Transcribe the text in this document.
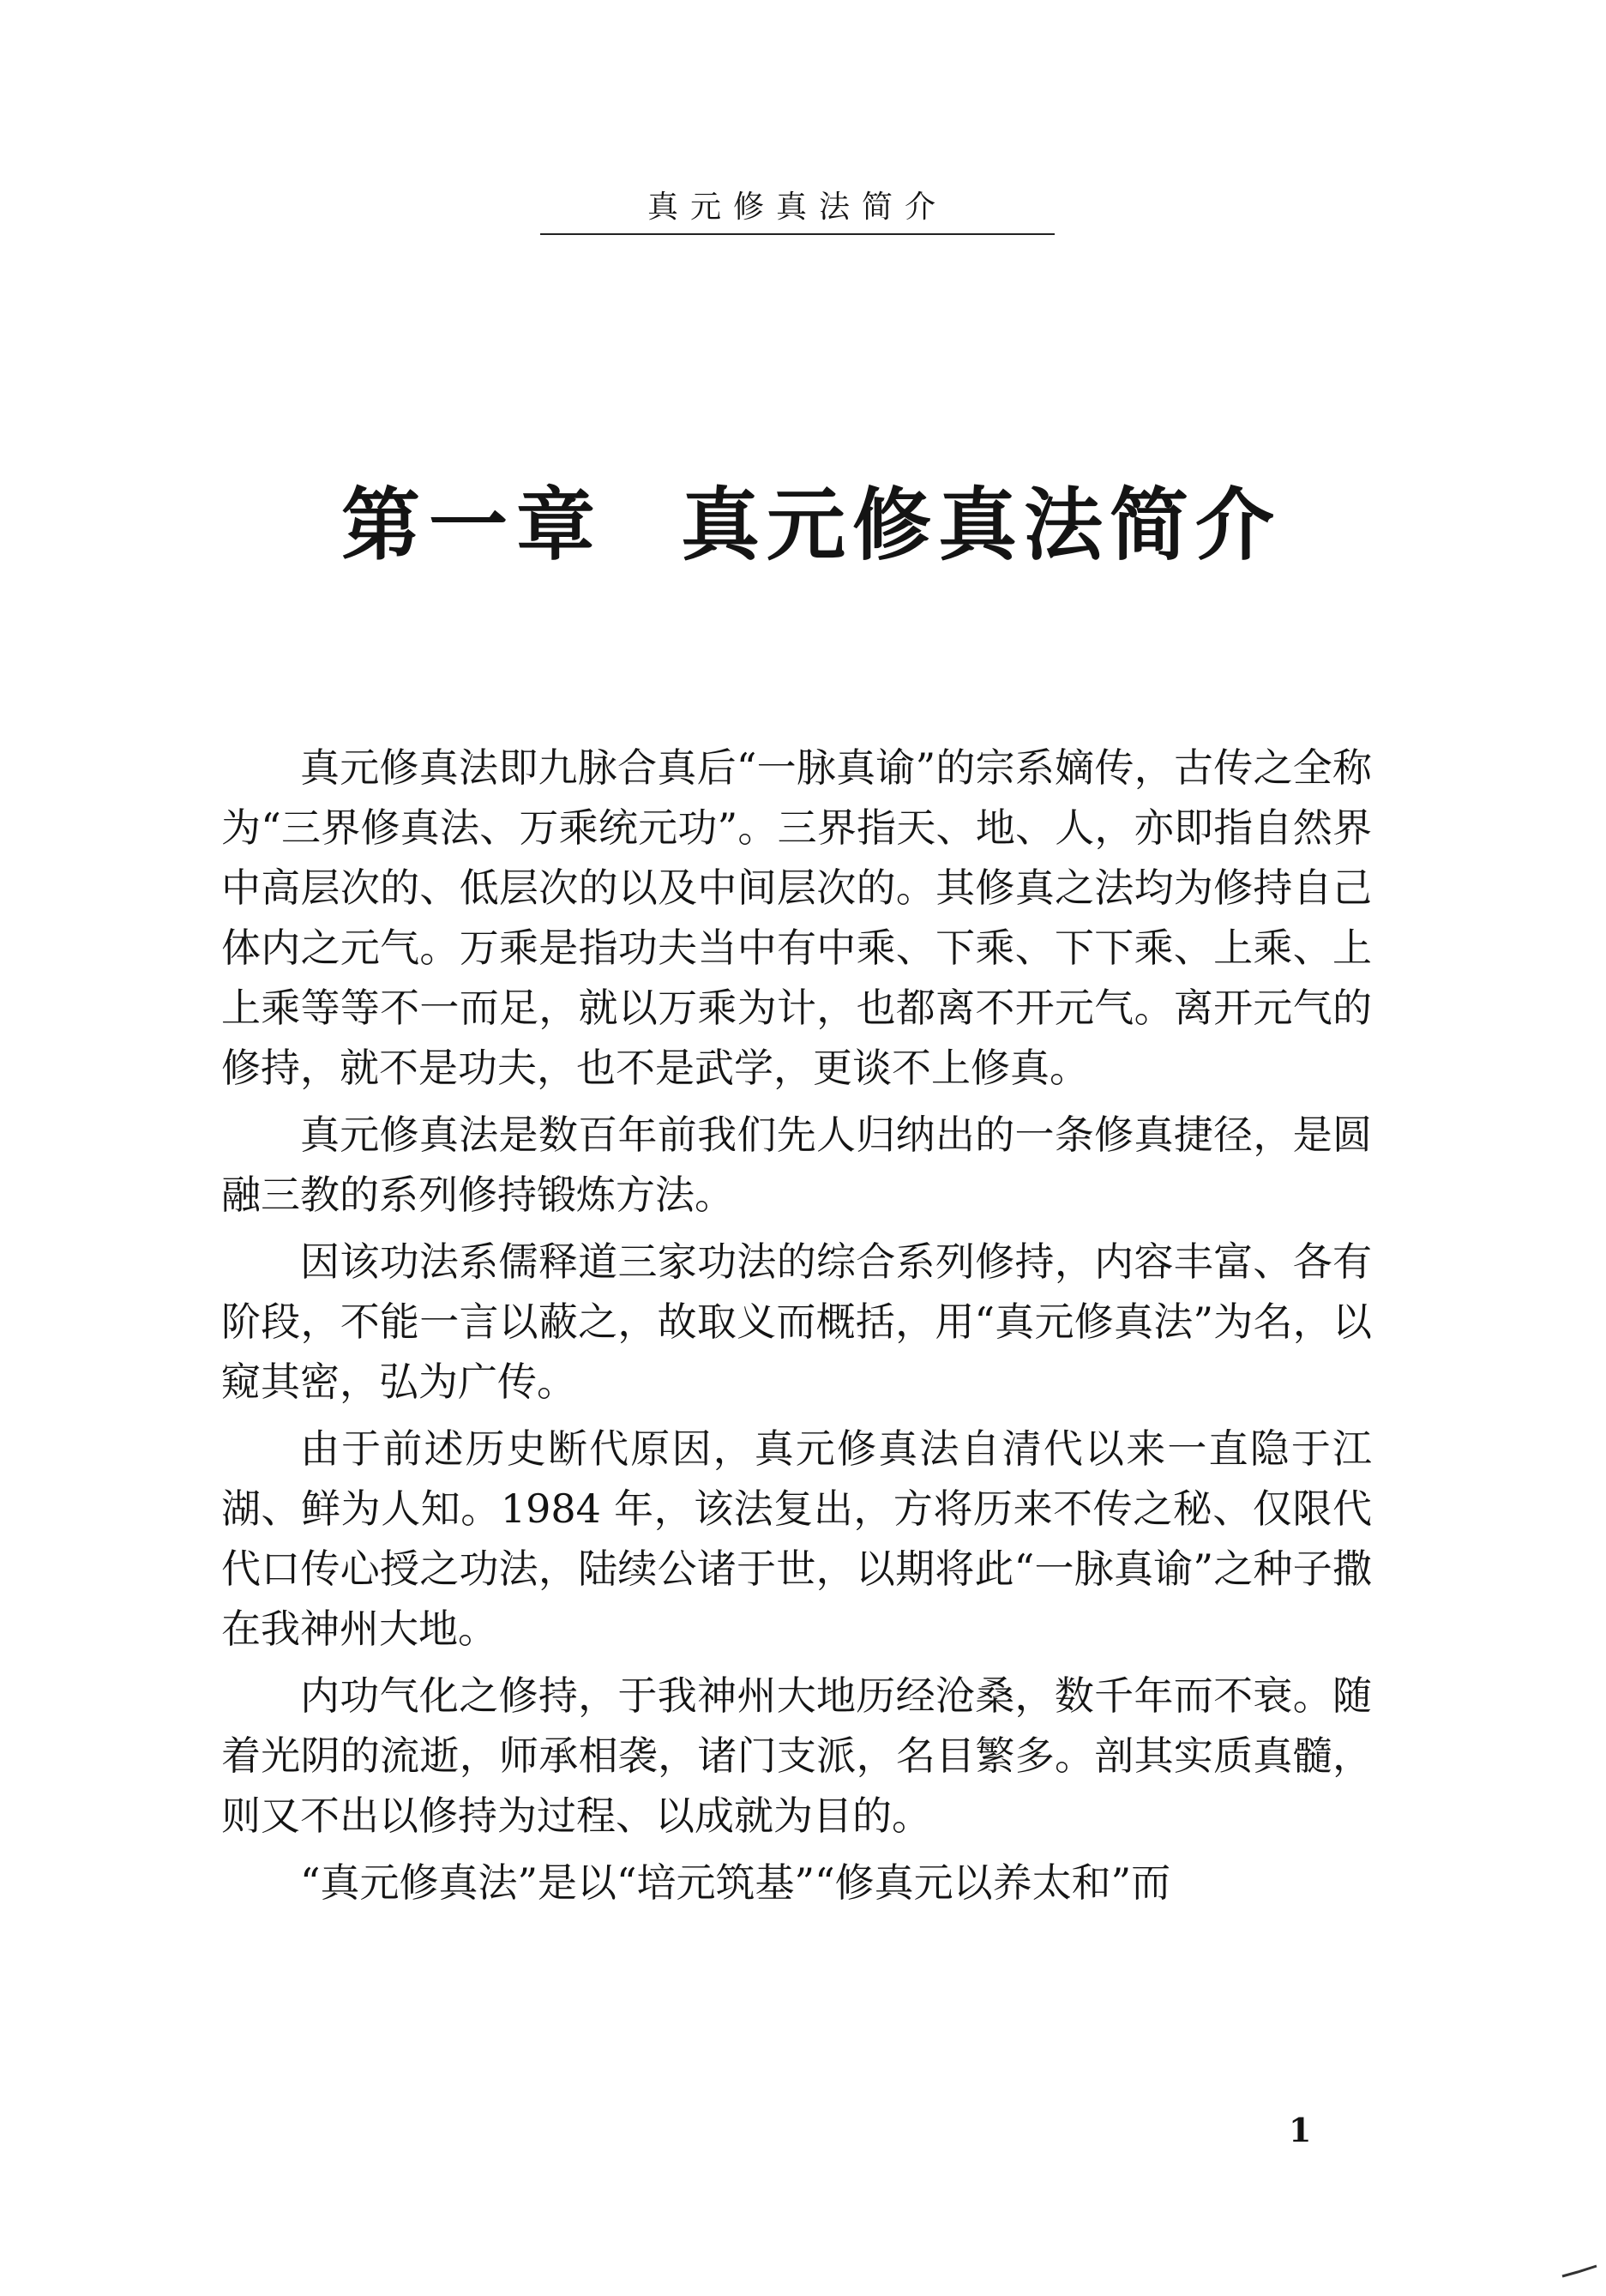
真元修真法简介
第一章 真元修真法简介

真元修真法即九脉合真后“一脉真谕”的宗系嫡传，古传之全称为“三界修真法、万乘统元功”。三界指天、地、人，亦即指自然界中高层次的、低层次的以及中间层次的。其修真之法均为修持自己体内之元气。万乘是指功夫当中有中乘、下乘、下下乘、上乘、上上乘等等不一而足，就以万乘为计，也都离不开元气。离开元气的修持，就不是功夫，也不是武学，更谈不上修真。

真元修真法是数百年前我们先人归纳出的一条修真捷径，是圆融三教的系列修持锻炼方法。

因该功法系儒释道三家功法的综合系列修持，内容丰富、各有阶段，不能一言以蔽之，故取义而概括，用“真元修真法”为名，以窥其密，弘为广传。

由于前述历史断代原因，真元修真法自清代以来一直隐于江湖、鲜为人知。1984 年，该法复出，方将历来不传之秘、仅限代代口传心授之功法，陆续公诸于世，以期将此“一脉真谕”之种子撒在我神州大地。

内功气化之修持，于我神州大地历经沧桑，数千年而不衰。随着光阴的流逝，师承相袭，诸门支派，名目繁多。剖其实质真髓，则又不出以修持为过程、以成就为目的。

“真元修真法”是以“培元筑基”“修真元以养太和”而

1
